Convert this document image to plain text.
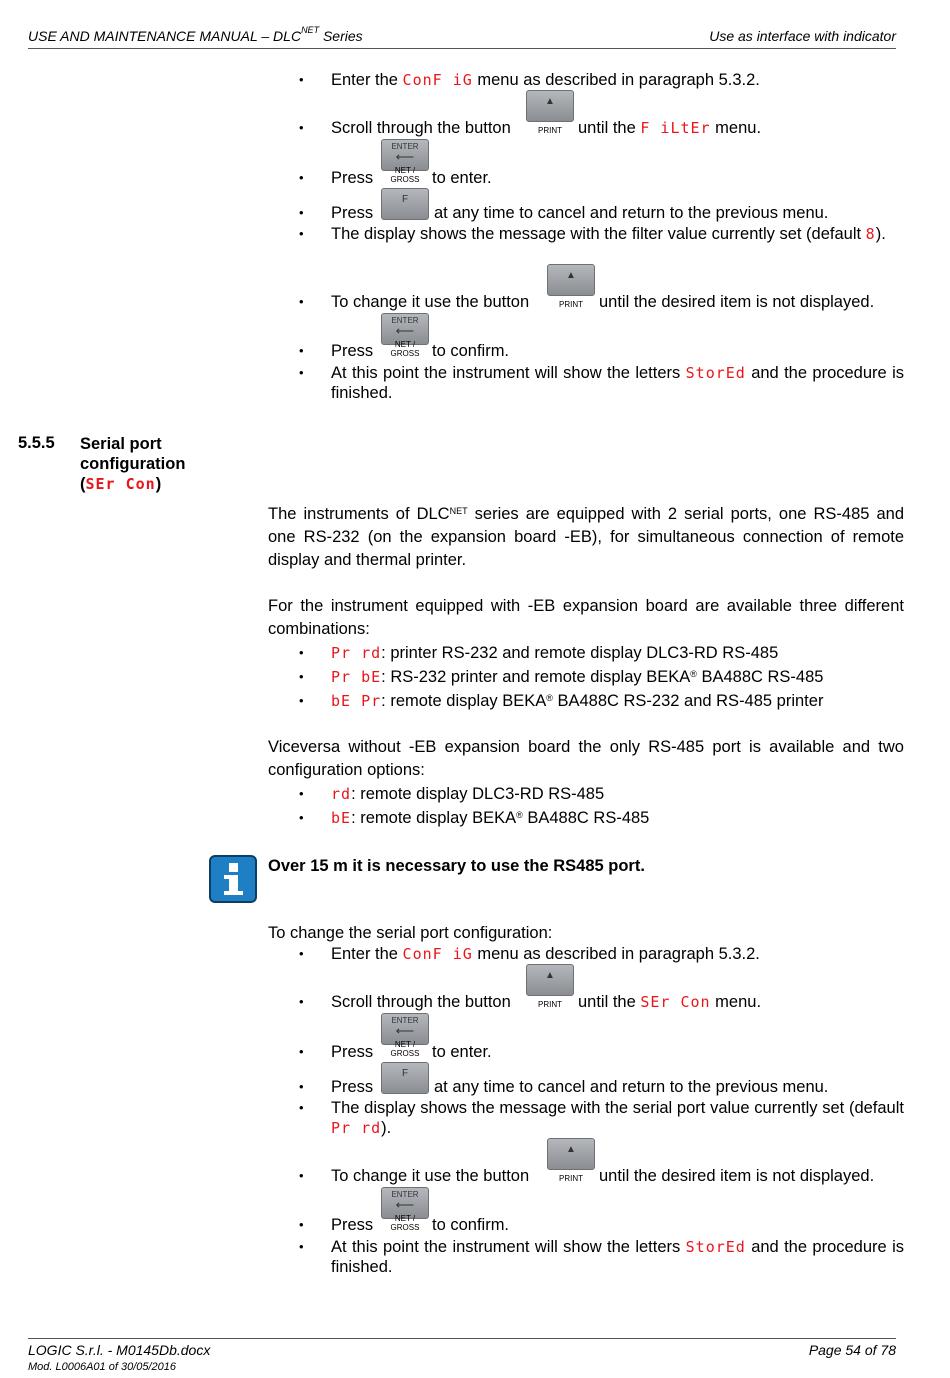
USE AND MAINTENANCE MANUAL – $DLC^{NET}$ Series	Use as interface with indicator
• Enter the ConF iG menu as described in paragraph 5.3.2.
▲
PRINT
• Scroll through the button	until the F iLtEr menu.
ENTER
⟵
NET / GROSS
• Press	to enter.
F
• Press	at any time to cancel and return to the previous menu.
• The display shows the message with the filter value currently set (default 8).
▲
PRINT
• To change it use the button	until the desired item is not displayed.
ENTER
⟵
NET / GROSS
• Press	to confirm.
• At this point the instrument will show the letters StorEd and the procedure is finished.
5.5.5 Serial port
configuration
(SEr Con)
The instruments of $DLC^{NET}$ series are equipped with 2 serial ports, one RS-485 and one RS-232 (on the expansion board -EB), for simultaneous connection of remote display and thermal printer.
For the instrument equipped with -EB expansion board are available three different combinations:
• Pr rd: printer RS-232 and remote display DLC3-RD RS-485
• Pr bE: RS-232 printer and remote display BEKA® BA488C RS-485
• bE Pr: remote display BEKA® BA488C RS-232 and RS-485 printer
Viceversa without -EB expansion board the only RS-485 port is available and two configuration options:
• rd: remote display DLC3-RD RS-485
• bE: remote display BEKA® BA488C RS-485
Over 15 m it is necessary to use the RS485 port.
To change the serial port configuration:
• Enter the ConF iG menu as described in paragraph 5.3.2.
▲
PRINT
• Scroll through the button	until the SEr Con menu.
ENTER
⟵
NET / GROSS
• Press	to enter.
F
• Press	at any time to cancel and return to the previous menu.
• The display shows the message with the serial port value currently set (default Pr rd).
▲
PRINT
• To change it use the button	until the desired item is not displayed.
ENTER
⟵
NET / GROSS
• Press	to confirm.
• At this point the instrument will show the letters StorEd and the procedure is finished.
LOGIC S.r.l. - M0145Db.docx	Page 54 of 78
Mod. L0006A01 of 30/05/2016
